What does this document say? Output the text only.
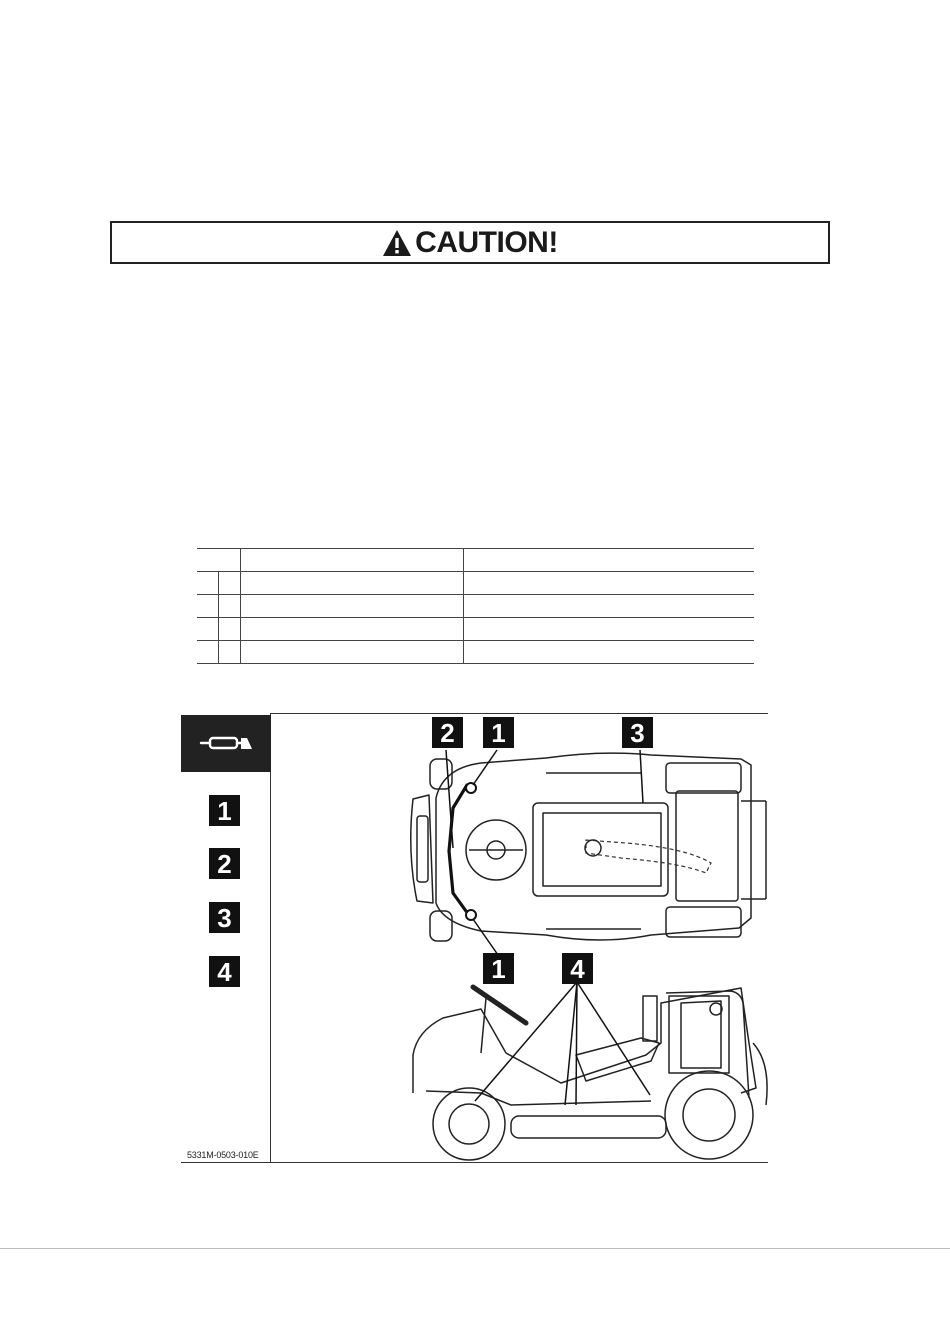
CAUTION!

1
2
3
4
2	1	3
1	4
5331M-0503-010E
